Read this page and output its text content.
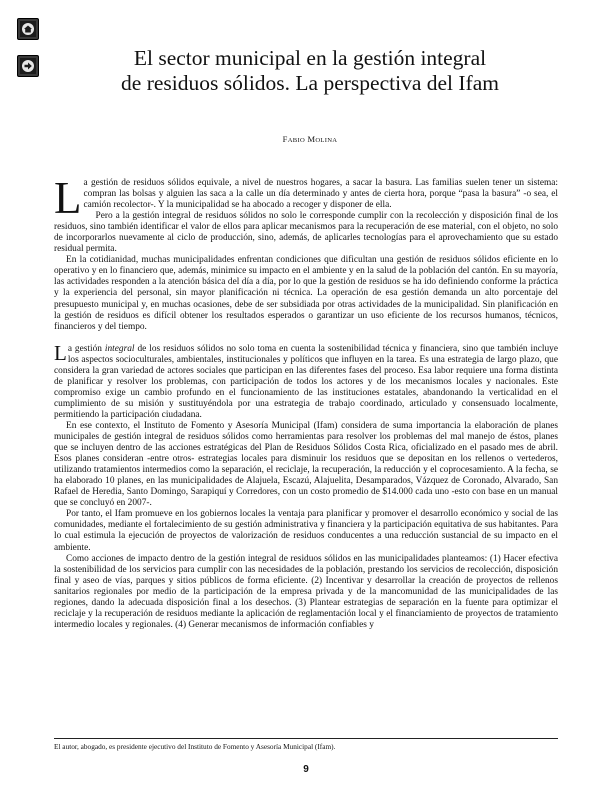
El sector municipal en la gestión integral
de residuos sólidos. La perspectiva del Ifam
FABIO MOLINA

La gestión de residuos sólidos equivale, a nivel de nuestros hogares, a sacar la basura. Las familias suelen tener un sistema: compran las bolsas y alguien las saca a la calle un día determinado y antes de cierta hora, porque “pasa la basura” -o sea, el camión recolector-. Y la municipalidad se ha abocado a recoger y disponer de ella.

Pero a la gestión integral de residuos sólidos no solo le corresponde cumplir con la recolección y disposición final de los residuos, sino también identificar el valor de ellos para aplicar mecanismos para la recuperación de ese material, con el objeto, no solo de incorporarlos nuevamente al ciclo de producción, sino, además, de aplicarles tecnologías para el aprovechamiento que su estado residual permita.

En la cotidianidad, muchas municipalidades enfrentan condiciones que dificultan una gestión de residuos sólidos eficiente en lo operativo y en lo financiero que, además, minimice su impacto en el ambiente y en la salud de la población del cantón. En su mayoría, las actividades responden a la atención básica del día a día, por lo que la gestión de residuos se ha ido definiendo conforme la práctica y la experiencia del personal, sin mayor planificación ni técnica. La operación de esa gestión demanda un alto porcentaje del presupuesto municipal y, en muchas ocasiones, debe de ser subsidiada por otras actividades de la municipalidad. Sin planificación en la gestión de residuos es difícil obtener los resultados esperados o garantizar un uso eficiente de los recursos humanos, técnicos, financieros y del tiempo.

La gestión integral de los residuos sólidos no solo toma en cuenta la sostenibilidad técnica y financiera, sino que también incluye los aspectos socioculturales, ambientales, institucionales y políticos que influyen en la tarea. Es una estrategia de largo plazo, que considera la gran variedad de actores sociales que participan en las diferentes fases del proceso. Esa labor requiere una forma distinta de planificar y resolver los problemas, con participación de todos los actores y de los mecanismos locales y nacionales. Este compromiso exige un cambio profundo en el funcionamiento de las instituciones estatales, abandonando la verticalidad en el cumplimiento de su misión y sustituyéndola por una estrategia de trabajo coordinado, articulado y consensuado localmente, permitiendo la participación ciudadana.

En ese contexto, el Instituto de Fomento y Asesoría Municipal (Ifam) considera de suma importancia la elaboración de planes municipales de gestión integral de residuos sólidos como herramientas para resolver los problemas del mal manejo de éstos, planes que se incluyen dentro de las acciones estratégicas del Plan de Residuos Sólidos Costa Rica, oficializado en el pasado mes de abril. Esos planes consideran -entre otros- estrategias locales para disminuir los residuos que se depositan en los rellenos o vertederos, utilizando tratamientos intermedios como la separación, el reciclaje, la recuperación, la reducción y el coprocesamiento. A la fecha, se ha elaborado 10 planes, en las municipalidades de Alajuela, Escazú, Alajuelita, Desamparados, Vázquez de Coronado, Alvarado, San Rafael de Heredia, Santo Domingo, Sarapiquí y Corredores, con un costo promedio de $14.000 cada uno -esto con base en un manual que se concluyó en 2007-.

Por tanto, el Ifam promueve en los gobiernos locales la ventaja para planificar y promover el desarrollo económico y social de las comunidades, mediante el fortalecimiento de su gestión administrativa y financiera y la participación equitativa de sus habitantes. Para lo cual estimula la ejecución de proyectos de valorización de residuos conducentes a una reducción sustancial de su impacto en el ambiente.

Como acciones de impacto dentro de la gestión integral de residuos sólidos en las municipalidades planteamos: (1) Hacer efectiva la sostenibilidad de los servicios para cumplir con las necesidades de la población, prestando los servicios de recolección, disposición final y aseo de vías, parques y sitios públicos de forma eficiente. (2) Incentivar y desarrollar la creación de proyectos de rellenos sanitarios regionales por medio de la participación de la empresa privada y de la mancomunidad de las municipalidades de las regiones, dando la adecuada disposición final a los desechos. (3) Plantear estrategias de separación en la fuente para optimizar el reciclaje y la recuperación de residuos mediante la aplicación de reglamentación local y el financiamiento de proyectos de tratamiento intermedio locales y regionales. (4) Generar mecanismos de información confiables y

El autor, abogado, es presidente ejecutivo del Instituto de Fomento y Asesoría Municipal (Ifam).
9
